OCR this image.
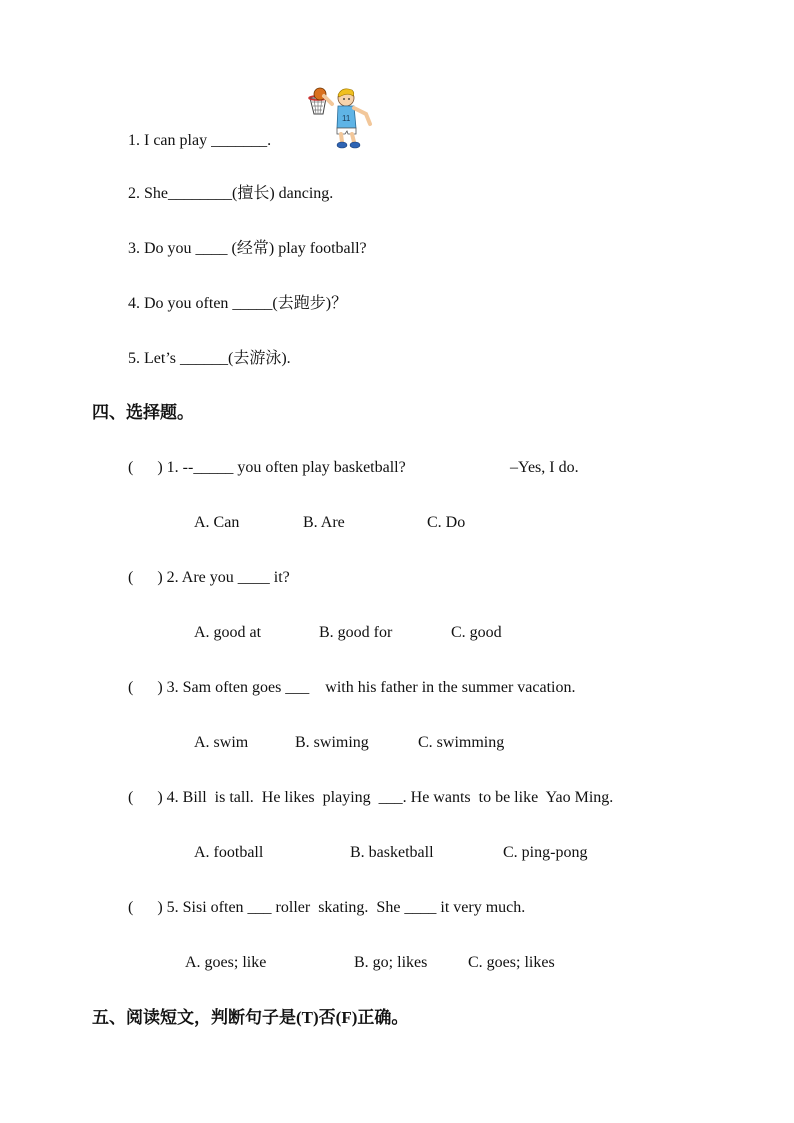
11
1. I can play _______.
2. She________(擅长) dancing.
3. Do you ____ (经常) play football?
4. Do you often _____(去跑步)？
5. Let’s ______(去游泳).
四、选择题。
(      ) 1. --_____ you often play basketball?	–Yes, I do.
A. Can	B. Are	C. Do
(      ) 2. Are you ____ it?
A. good at	B. good for	C. good
(      ) 3. Sam often goes ___    with his father in the summer vacation.
A. swim	B. swiming	C. swimming
(      ) 4. Bill  is tall.  He likes  playing  ___. He wants  to be like  Yao Ming.
A. football	B. basketball	C. ping-pong
(      ) 5. Sisi often ___ roller  skating.  She ____ it very much.
A. goes; like	B. go; likes	C. goes; likes
五、阅读短文，判断句子是(T)否(F)正确。
